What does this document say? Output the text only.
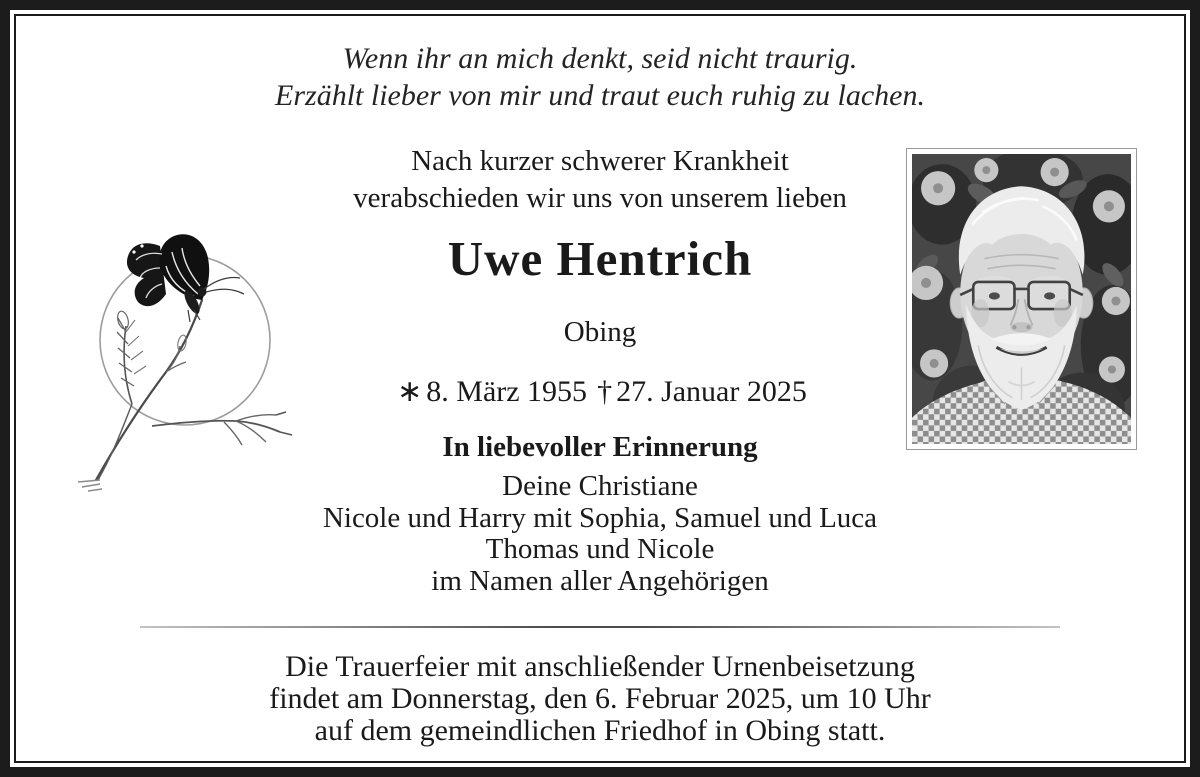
Wenn ihr an mich denkt, seid nicht traurig.
Erzählt lieber von mir und traut euch ruhig zu lachen.
Nach kurzer schwerer Krankheit
verabschieden wir uns von unserem lieben
Uwe Hentrich
Obing
∗ 8. März 1955 † 27. Januar 2025
In liebevoller Erinnerung
Deine Christiane
Nicole und Harry mit Sophia, Samuel und Luca
Thomas und Nicole
im Namen aller Angehörigen
Die Trauerfeier mit anschließender Urnenbeisetzung
findet am Donnerstag, den 6. Februar 2025, um 10 Uhr
auf dem gemeindlichen Friedhof in Obing statt.
